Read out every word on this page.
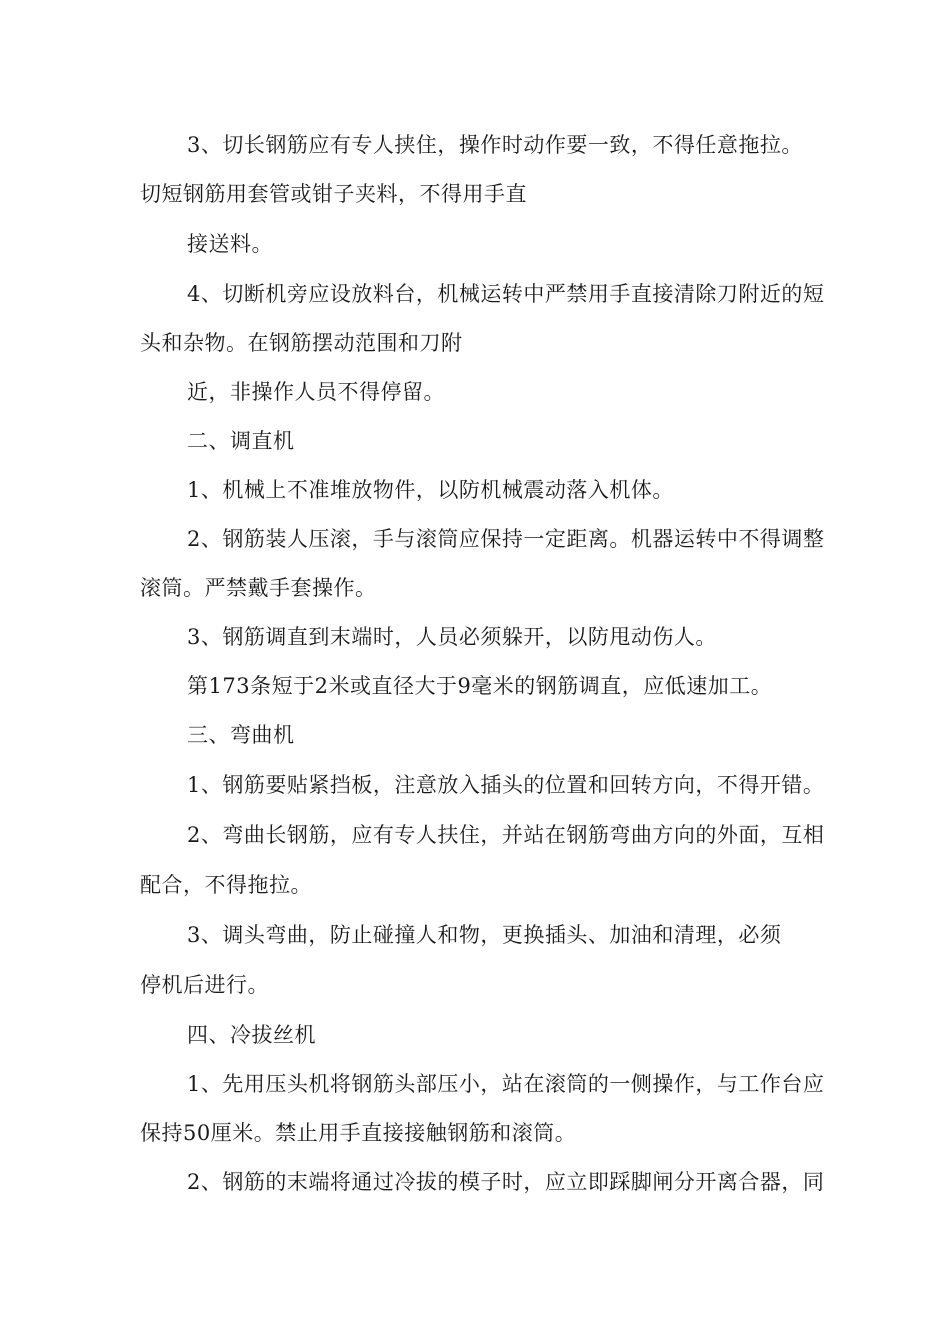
3、切长钢筋应有专人挟住，操作时动作要一致，不得任意拖拉。

切短钢筋用套管或钳子夹料，不得用手直

接送料。

4、切断机旁应设放料台，机械运转中严禁用手直接清除刀附近的短

头和杂物。在钢筋摆动范围和刀附

近，非操作人员不得停留。

二、调直机

1、机械上不准堆放物件，以防机械震动落入机体。

2、钢筋装人压滚，手与滚筒应保持一定距离。机器运转中不得调整

滚筒。严禁戴手套操作。

3、钢筋调直到末端时，人员必须躲开，以防甩动伤人。

第173条短于2米或直径大于9毫米的钢筋调直，应低速加工。

三、弯曲机

1、钢筋要贴紧挡板，注意放入插头的位置和回转方向，不得开错。

2、弯曲长钢筋，应有专人扶住，并站在钢筋弯曲方向的外面，互相

配合，不得拖拉。

3、调头弯曲，防止碰撞人和物，更换插头、加油和清理，必须

停机后进行。

四、冷拔丝机

1、先用压头机将钢筋头部压小，站在滚筒的一侧操作，与工作台应

保持50厘米。禁止用手直接接触钢筋和滚筒。

2、钢筋的末端将通过冷拔的模子时，应立即踩脚闸分开离合器，同
